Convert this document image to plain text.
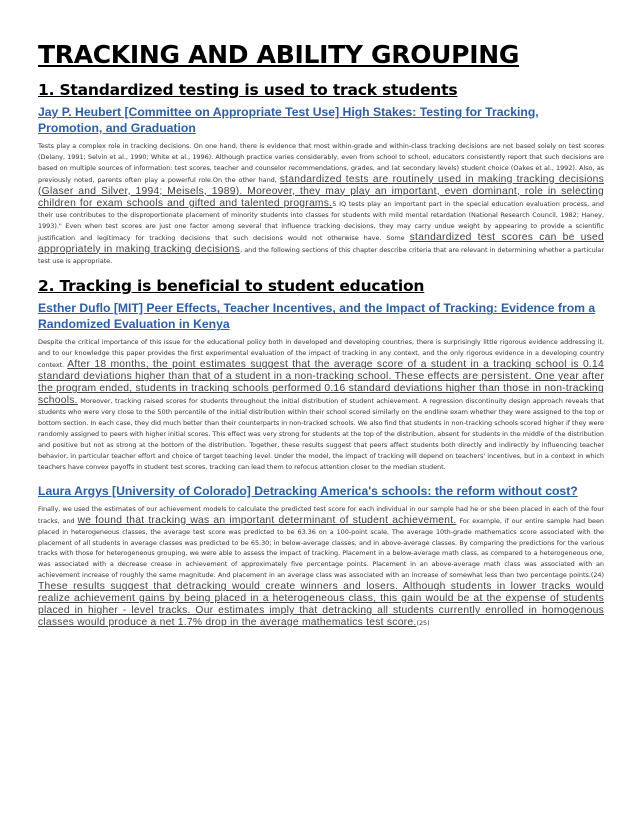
TRACKING AND ABILITY GROUPING
1. Standardized testing is used to track students
Jay P. Heubert [Committee on Appropriate Test Use] High Stakes: Testing for Tracking, Promotion, and Graduation

Tests play a complex role in tracking decisions. On one hand, there is evidence that most within-grade and within-class tracking decisions are not based solely on test scores (Delany, 1991; Selvin et al., 1990; White et al., 1996). Although practice varies considerably, even from school to school, educators consistently report that such decisions are based on multiple sources of information: test scores, teacher and counselor recommendations, grades, and (at secondary levels) student choice (Oakes et al., 1992). Also, as previously noted, parents often play a powerful role.On the other hand, standardized tests are routinely used in making tracking decisions (Glaser and Silver, 1994; Meisels, 1989). Moreover, they may play an important, even dominant, role in selecting children for exam schools and gifted and talented programs.5 IQ tests play an important part in the special education evaluation process, and their use contributes to the disproportionate placement of minority students into classes for students with mild mental retardation (National Research Council, 1982; Haney, 1993)." Even when test scores are just one factor among several that influence tracking decisions, they may carry undue weight by appearing to provide a scientific justification and legitimacy for tracking decisions that such decisions would not otherwise have. Some standardized test scores can be used appropriately in making tracking decisions, and the following sections of this chapter describe criteria that are relevant in determining whether a particular test use is appropriate.

2. Tracking is beneficial to student education
Esther Duflo [MIT] Peer Effects, Teacher Incentives, and the Impact of Tracking: Evidence from a Randomized Evaluation in Kenya

Despite the critical importance of this issue for the educational policy both in developed and developing countries, there is surprisingly little rigorous evidence addressing it, and to our knowledge this paper provides the first experimental evaluation of the impact of tracking in any context, and the only rigorous evidence in a developing country context. After 18 months, the point estimates suggest that the average score of a student in a tracking school is 0.14 standard deviations higher than that of a student in a non-tracking school. These effects are persistent. One year after the program ended, students in tracking schools performed 0.16 standard deviations higher than those in non-tracking schools. Moreover, tracking raised scores for students throughout the initial distribution of student achievement. A regression discontinuity design approach reveals that students who were very close to the 50th percentile of the initial distribution within their school scored similarly on the endline exam whether they were assigned to the top or bottom section. In each case, they did much better than their counterparts in non-tracked schools. We also find that students in non-tracking schools scored higher if they were randomly assigned to peers with higher initial scores. This effect was very strong for students at the top of the distribution, absent for students in the middle of the distribution and positive but not as strong at the bottom of the distribution. Together, these results suggest that peers affect students both directly and indirectly by influencing teacher behavior, in particular teacher effort and choice of target teaching level. Under the model, the impact of tracking will depend on teachers' incentives, but in a context in which teachers have convex payoffs in student test scores, tracking can lead them to refocus attention closer to the median student.

Laura Argys [University of Colorado] Detracking America's schools: the reform without cost?

Finally, we used the estimates of our achievement models to calculate the predicted test score for each individual in our sample had he or she been placed in each of the four tracks, and we found that tracking was an important determinant of student achievement. For example, if our entire sample had been placed in heterogeneous classes, the average test score was predicted to be 63.36 on a 100-point scale. The average 10th-grade mathematics score associated with the placement of all students in average classes was predicted to be 65.30; in below-average classes, and in above-average classes. By comparing the predictions for the various tracks with those for heterogeneous grouping, we were able to assess the impact of tracking. Placement in a below-average math class, as compared to a heterogeneous one, was associated with a decrease crease in achievement of approximately five percentage points. Placement in an above-average math class was associated with an achievement increase of roughly the same magnitude. And placement in an average class was associated with an increase of somewhat less than two percentage points.(24) These results suggest that detracking would create winners and losers. Although students in lower tracks would realize achievement gains by being placed in a heterogeneous class, this gain would be at the expense of students placed in higher - level tracks. Our estimates imply that detracking all students currently enrolled in homogenous classes would produce a net 1.7% drop in the average mathematics test score.(25)
